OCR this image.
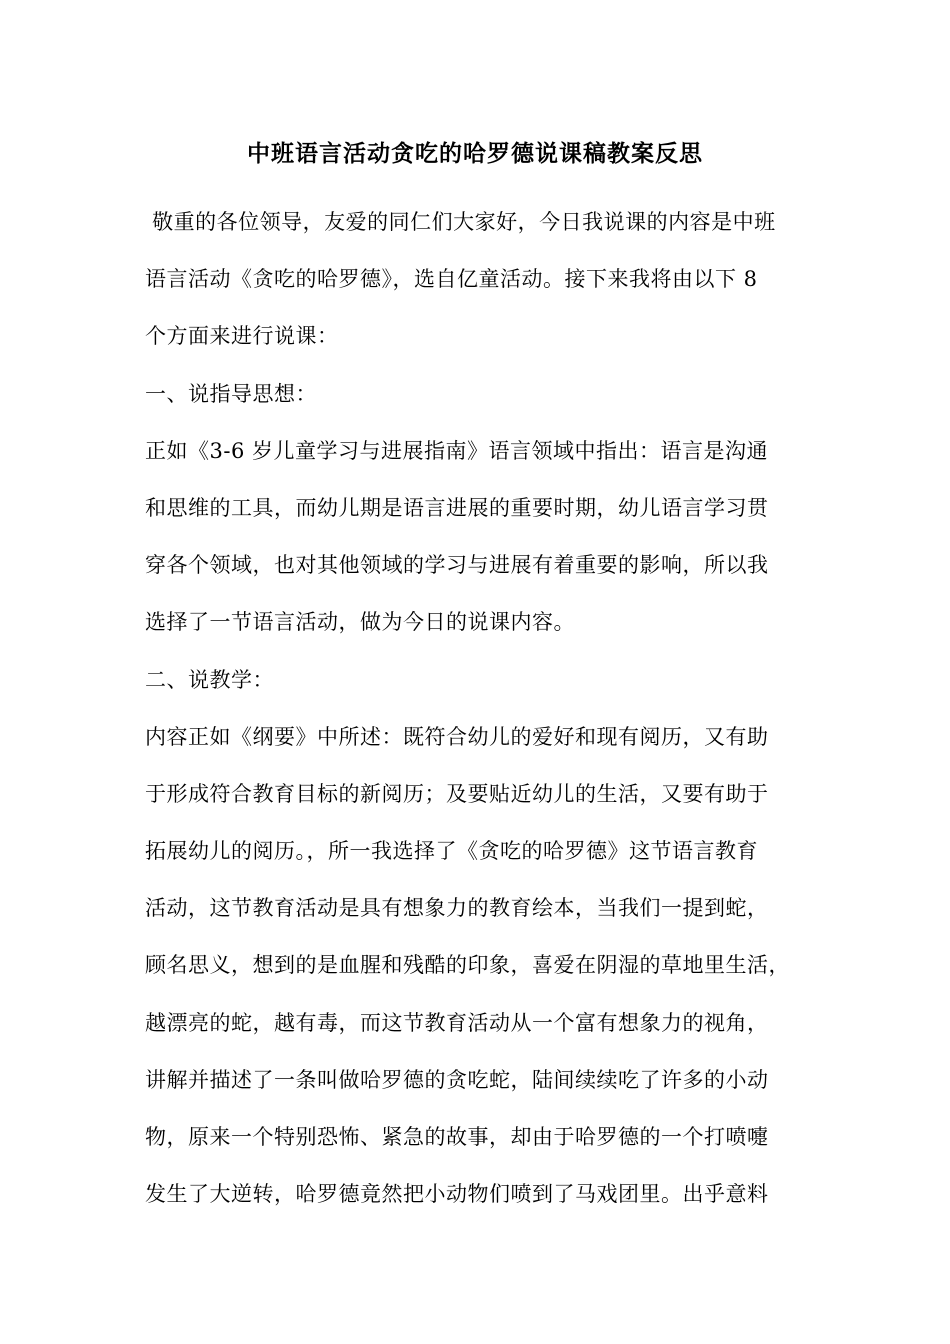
中班语言活动贪吃的哈罗德说课稿教案反思
敬重的各位领导，友爱的同仁们大家好，今日我说课的内容是中班
语言活动《贪吃的哈罗德》，选自亿童活动。接下来我将由以下 8
个方面来进行说课：
一、说指导思想：
正如《3-6 岁儿童学习与进展指南》语言领域中指出：语言是沟通
和思维的工具，而幼儿期是语言进展的重要时期，幼儿语言学习贯
穿各个领域，也对其他领域的学习与进展有着重要的影响，所以我
选择了一节语言活动，做为今日的说课内容。
二、说教学：
内容正如《纲要》中所述：既符合幼儿的爱好和现有阅历，又有助
于形成符合教育目标的新阅历；及要贴近幼儿的生活，又要有助于
拓展幼儿的阅历。，所一我选择了《贪吃的哈罗德》这节语言教育
活动，这节教育活动是具有想象力的教育绘本，当我们一提到蛇，
顾名思义，想到的是血腥和残酷的印象，喜爱在阴湿的草地里生活，
越漂亮的蛇，越有毒，而这节教育活动从一个富有想象力的视角，
讲解并描述了一条叫做哈罗德的贪吃蛇，陆间续续吃了许多的小动
物，原来一个特别恐怖、紧急的故事，却由于哈罗德的一个打喷嚏
发生了大逆转，哈罗德竟然把小动物们喷到了马戏团里。出乎意料
